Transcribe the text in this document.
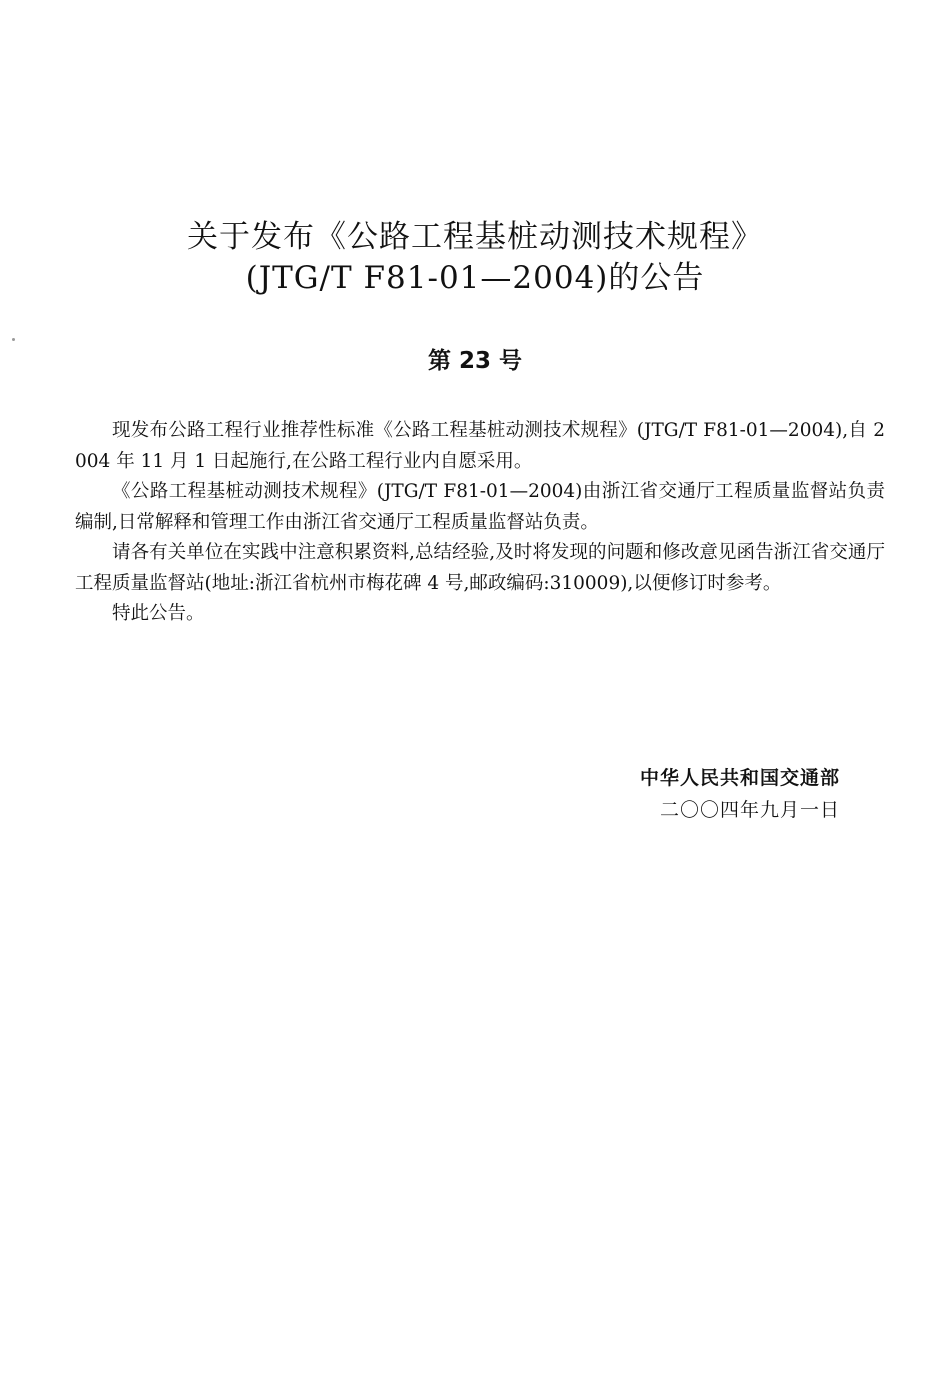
关于发布《公路工程基桩动测技术规程》
(JTG/T F81-01—2004)的公告
第 23 号

现发布公路工程行业推荐性标准《公路工程基桩动测技术规程》(JTG/T F81-01—2004),自 2004 年 11 月 1 日起施行,在公路工程行业内自愿采用。

《公路工程基桩动测技术规程》(JTG/T F81-01—2004)由浙江省交通厅工程质量监督站负责编制,日常解释和管理工作由浙江省交通厅工程质量监督站负责。

请各有关单位在实践中注意积累资料,总结经验,及时将发现的问题和修改意见函告浙江省交通厅工程质量监督站(地址:浙江省杭州市梅花碑 4 号,邮政编码:310009),以便修订时参考。

特此公告。

中华人民共和国交通部
二〇〇四年九月一日
